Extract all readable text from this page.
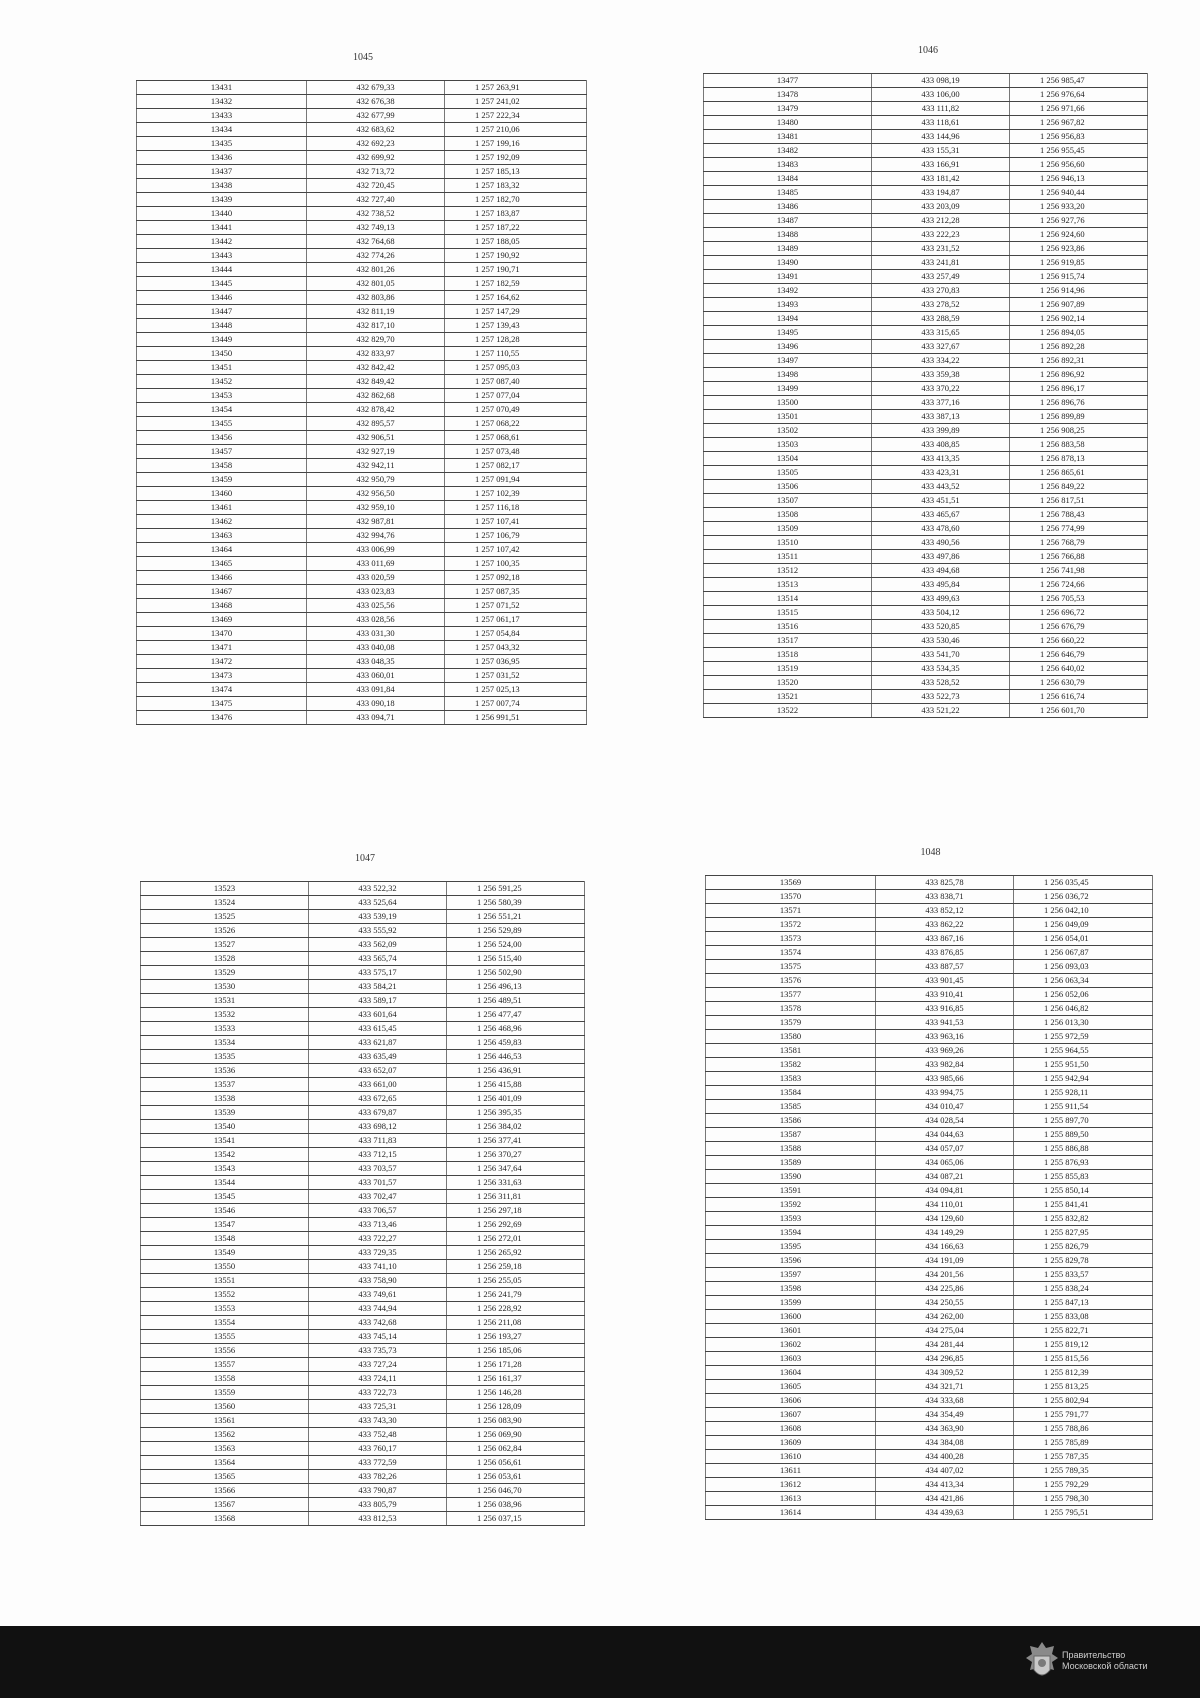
1045
13431	432 679,33	1 257 263,91
13432	432 676,38	1 257 241,02
13433	432 677,99	1 257 222,34
13434	432 683,62	1 257 210,06
13435	432 692,23	1 257 199,16
13436	432 699,92	1 257 192,09
13437	432 713,72	1 257 185,13
13438	432 720,45	1 257 183,32
13439	432 727,40	1 257 182,70
13440	432 738,52	1 257 183,87
13441	432 749,13	1 257 187,22
13442	432 764,68	1 257 188,05
13443	432 774,26	1 257 190,92
13444	432 801,26	1 257 190,71
13445	432 801,05	1 257 182,59
13446	432 803,86	1 257 164,62
13447	432 811,19	1 257 147,29
13448	432 817,10	1 257 139,43
13449	432 829,70	1 257 128,28
13450	432 833,97	1 257 110,55
13451	432 842,42	1 257 095,03
13452	432 849,42	1 257 087,40
13453	432 862,68	1 257 077,04
13454	432 878,42	1 257 070,49
13455	432 895,57	1 257 068,22
13456	432 906,51	1 257 068,61
13457	432 927,19	1 257 073,48
13458	432 942,11	1 257 082,17
13459	432 950,79	1 257 091,94
13460	432 956,50	1 257 102,39
13461	432 959,10	1 257 116,18
13462	432 987,81	1 257 107,41
13463	432 994,76	1 257 106,79
13464	433 006,99	1 257 107,42
13465	433 011,69	1 257 100,35
13466	433 020,59	1 257 092,18
13467	433 023,83	1 257 087,35
13468	433 025,56	1 257 071,52
13469	433 028,56	1 257 061,17
13470	433 031,30	1 257 054,84
13471	433 040,08	1 257 043,32
13472	433 048,35	1 257 036,95
13473	433 060,01	1 257 031,52
13474	433 091,84	1 257 025,13
13475	433 090,18	1 257 007,74
13476	433 094,71	1 256 991,51
1046
13477	433 098,19	1 256 985,47
13478	433 106,00	1 256 976,64
13479	433 111,82	1 256 971,66
13480	433 118,61	1 256 967,82
13481	433 144,96	1 256 956,83
13482	433 155,31	1 256 955,45
13483	433 166,91	1 256 956,60
13484	433 181,42	1 256 946,13
13485	433 194,87	1 256 940,44
13486	433 203,09	1 256 933,20
13487	433 212,28	1 256 927,76
13488	433 222,23	1 256 924,60
13489	433 231,52	1 256 923,86
13490	433 241,81	1 256 919,85
13491	433 257,49	1 256 915,74
13492	433 270,83	1 256 914,96
13493	433 278,52	1 256 907,89
13494	433 288,59	1 256 902,14
13495	433 315,65	1 256 894,05
13496	433 327,67	1 256 892,28
13497	433 334,22	1 256 892,31
13498	433 359,38	1 256 896,92
13499	433 370,22	1 256 896,17
13500	433 377,16	1 256 896,76
13501	433 387,13	1 256 899,89
13502	433 399,89	1 256 908,25
13503	433 408,85	1 256 883,58
13504	433 413,35	1 256 878,13
13505	433 423,31	1 256 865,61
13506	433 443,52	1 256 849,22
13507	433 451,51	1 256 817,51
13508	433 465,67	1 256 788,43
13509	433 478,60	1 256 774,99
13510	433 490,56	1 256 768,79
13511	433 497,86	1 256 766,88
13512	433 494,68	1 256 741,98
13513	433 495,84	1 256 724,66
13514	433 499,63	1 256 705,53
13515	433 504,12	1 256 696,72
13516	433 520,85	1 256 676,79
13517	433 530,46	1 256 660,22
13518	433 541,70	1 256 646,79
13519	433 534,35	1 256 640,02
13520	433 528,52	1 256 630,79
13521	433 522,73	1 256 616,74
13522	433 521,22	1 256 601,70
1047
13523	433 522,32	1 256 591,25
13524	433 525,64	1 256 580,39
13525	433 539,19	1 256 551,21
13526	433 555,92	1 256 529,89
13527	433 562,09	1 256 524,00
13528	433 565,74	1 256 515,40
13529	433 575,17	1 256 502,90
13530	433 584,21	1 256 496,13
13531	433 589,17	1 256 489,51
13532	433 601,64	1 256 477,47
13533	433 615,45	1 256 468,96
13534	433 621,87	1 256 459,83
13535	433 635,49	1 256 446,53
13536	433 652,07	1 256 436,91
13537	433 661,00	1 256 415,88
13538	433 672,65	1 256 401,09
13539	433 679,87	1 256 395,35
13540	433 698,12	1 256 384,02
13541	433 711,83	1 256 377,41
13542	433 712,15	1 256 370,27
13543	433 703,57	1 256 347,64
13544	433 701,57	1 256 331,63
13545	433 702,47	1 256 311,81
13546	433 706,57	1 256 297,18
13547	433 713,46	1 256 292,69
13548	433 722,27	1 256 272,01
13549	433 729,35	1 256 265,92
13550	433 741,10	1 256 259,18
13551	433 758,90	1 256 255,05
13552	433 749,61	1 256 241,79
13553	433 744,94	1 256 228,92
13554	433 742,68	1 256 211,08
13555	433 745,14	1 256 193,27
13556	433 735,73	1 256 185,06
13557	433 727,24	1 256 171,28
13558	433 724,11	1 256 161,37
13559	433 722,73	1 256 146,28
13560	433 725,31	1 256 128,09
13561	433 743,30	1 256 083,90
13562	433 752,48	1 256 069,90
13563	433 760,17	1 256 062,84
13564	433 772,59	1 256 056,61
13565	433 782,26	1 256 053,61
13566	433 790,87	1 256 046,70
13567	433 805,79	1 256 038,96
13568	433 812,53	1 256 037,15
1048
13569	433 825,78	1 256 035,45
13570	433 838,71	1 256 036,72
13571	433 852,12	1 256 042,10
13572	433 862,22	1 256 049,09
13573	433 867,16	1 256 054,01
13574	433 876,85	1 256 067,87
13575	433 887,57	1 256 093,03
13576	433 901,45	1 256 063,34
13577	433 910,41	1 256 052,06
13578	433 916,85	1 256 046,82
13579	433 941,53	1 256 013,30
13580	433 963,16	1 255 972,59
13581	433 969,26	1 255 964,55
13582	433 982,84	1 255 951,50
13583	433 985,66	1 255 942,94
13584	433 994,75	1 255 928,11
13585	434 010,47	1 255 911,54
13586	434 028,54	1 255 897,70
13587	434 044,63	1 255 889,50
13588	434 057,07	1 255 886,88
13589	434 065,06	1 255 876,93
13590	434 087,21	1 255 855,83
13591	434 094,81	1 255 850,14
13592	434 110,01	1 255 841,41
13593	434 129,60	1 255 832,82
13594	434 149,29	1 255 827,95
13595	434 166,63	1 255 826,79
13596	434 191,09	1 255 829,78
13597	434 201,56	1 255 833,57
13598	434 225,86	1 255 838,24
13599	434 250,55	1 255 847,13
13600	434 262,00	1 255 833,08
13601	434 275,04	1 255 822,71
13602	434 281,44	1 255 819,12
13603	434 296,85	1 255 815,56
13604	434 309,52	1 255 812,39
13605	434 321,71	1 255 813,25
13606	434 333,68	1 255 802,94
13607	434 354,49	1 255 791,77
13608	434 363,90	1 255 788,86
13609	434 384,08	1 255 785,89
13610	434 400,28	1 255 787,35
13611	434 407,02	1 255 789,35
13612	434 413,34	1 255 792,29
13613	434 421,86	1 255 798,30
13614	434 439,63	1 255 795,51
Правительство
Московской области
